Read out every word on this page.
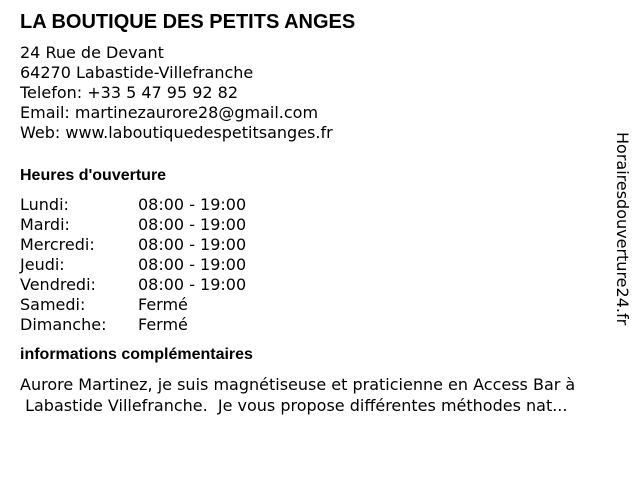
LA BOUTIQUE DES PETITS ANGES
24 Rue de Devant
64270 Labastide-Villefranche
Telefon: +33 5 47 95 92 82
Email: martinezaurore28@gmail.com
Web: www.laboutiquedespetitsanges.fr
Heures d'ouverture
Lundi:	08:00 - 19:00
Mardi:	08:00 - 19:00
Mercredi:	08:00 - 19:00
Jeudi:	08:00 - 19:00
Vendredi:	08:00 - 19:00
Samedi:	Fermé
Dimanche:	Fermé
informations complémentaires
Aurore Martinez, je suis magnétiseuse et praticienne en Access Bar à
Labastide Villefranche.  Je vous propose différentes méthodes nat...
Horairesdouverture24.fr
